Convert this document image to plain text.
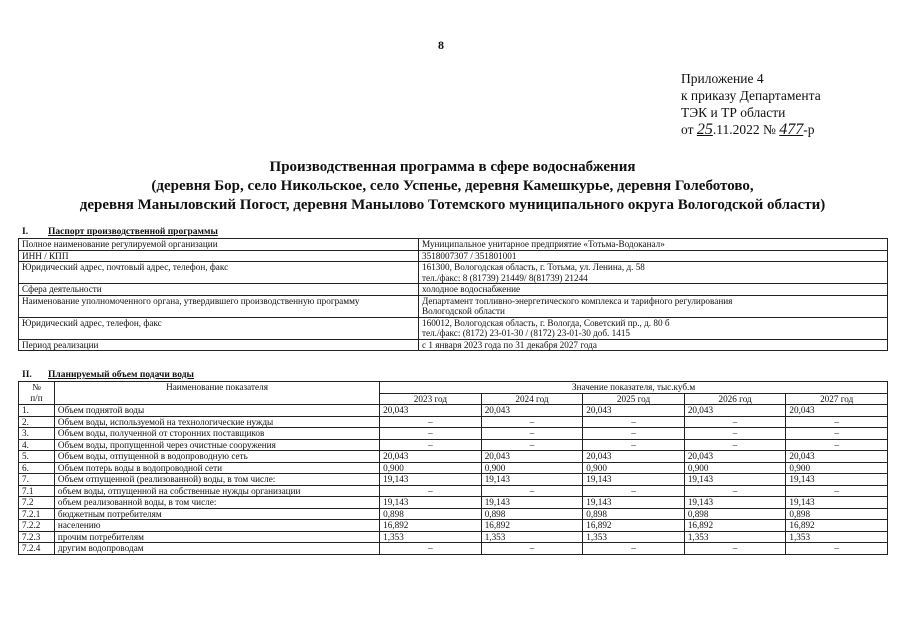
8
Приложение 4
к приказу Департамента
ТЭК и ТР области
от 25.11.2022 № 477-р
Производственная программа в сфере водоснабжения
(деревня Бор, село Никольское, село Успенье, деревня Камешкурье, деревня Голеботово,
деревня Маныловский Погост, деревня Манылово Тотемского муниципального округа Вологодской области)
I. Паспорт производственной программы
Полное наименование регулируемой организации	Муниципальное унитарное предприятие «Тотьма-Водоканал»

ИНН / КПП	3518007307 / 351801001

Юридический адрес, почтовый адрес, телефон, факс	161300, Вологодская область, г. Тотьма, ул. Ленина, д. 58
тел./факс: 8 (81739) 21449/ 8(81739) 21244

Сфера деятельности	холодное водоснабжение

Наименование уполномоченного органа, утвердившего производственную программу	Департамент топливно-энергетического комплекса и тарифного регулирования
Вологодской области

Юридический адрес, телефон, факс	160012, Вологодская область, г. Вологда, Советский пр., д. 80 б
тел./факс: (8172) 23-01-30 / (8172) 23-01-30 доб. 1415

Период реализации	с 1 января 2023 года по 31 декабря 2027 года
II. Планируемый объем подачи воды
№
п/п	Наименование показателя	Значение показателя, тыс.куб.м				
		2023 год	2024 год	2025 год	2026 год	2027 год
1.	Объем поднятой воды	20,043	20,043	20,043	20,043	20,043
2.	Объем воды, используемой на технологические нужды	–	–	–	–	–
3.	Объем воды, полученной от сторонних поставщиков	–	–	–	–	–
4.	Объем воды, пропущенной через очистные сооружения	–	–	–	–	–
5.	Объем воды, отпущенной в водопроводную сеть	20,043	20,043	20,043	20,043	20,043
6.	Объем потерь воды в водопроводной сети	0,900	0,900	0,900	0,900	0,900
7.	Объем отпущенной (реализованной) воды, в том числе:	19,143	19,143	19,143	19,143	19,143
7.1	объем воды, отпущенной на собственные нужды организации	–	–	–	–	–
7.2	объем реализованной воды, в том числе:	19,143	19,143	19,143	19,143	19,143
7.2.1	бюджетным потребителям	0,898	0,898	0,898	0,898	0,898
7.2.2	населению	16,892	16,892	16,892	16,892	16,892
7.2.3	прочим потребителям	1,353	1,353	1,353	1,353	1,353
7.2.4	другим водопроводам	–	–	–	–	–
